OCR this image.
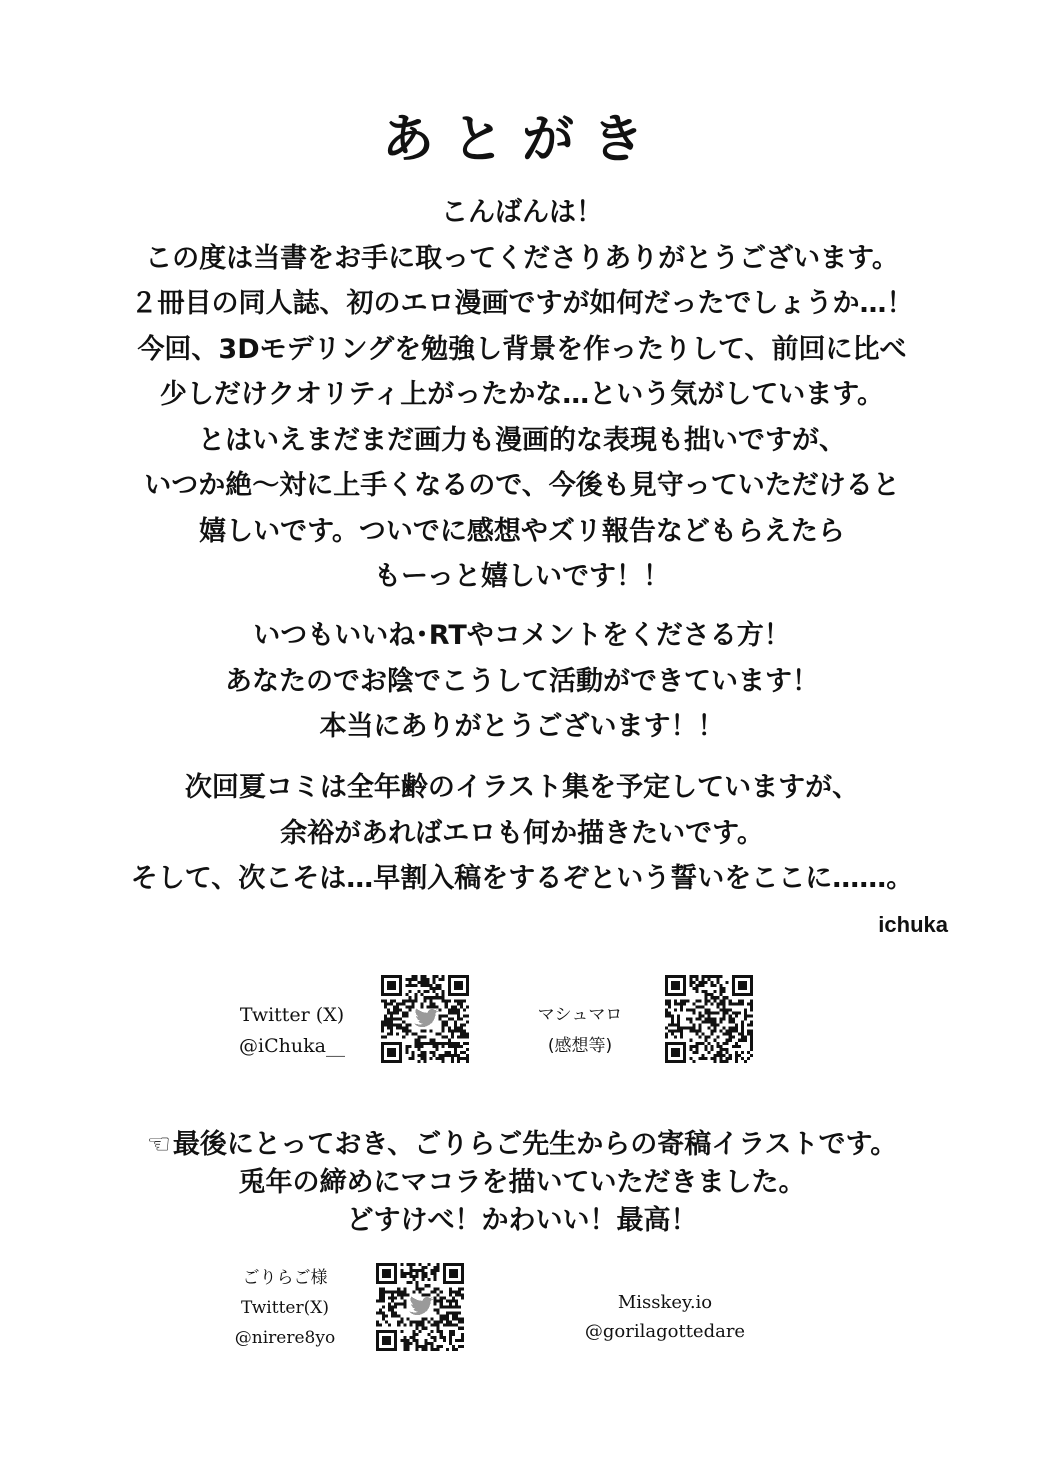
あとがき
こんばんは！
この度は当書をお手に取ってくださりありがとうございます。
２冊目の同人誌、初のエロ漫画ですが如何だったでしょうか…！
今回、3Dモデリングを勉強し背景を作ったりして、前回に比べ
少しだけクオリティ上がったかな…という気がしています。
とはいえまだまだ画力も漫画的な表現も拙いですが、
いつか絶～対に上手くなるので、今後も見守っていただけると
嬉しいです。ついでに感想やズリ報告などもらえたら
もーっと嬉しいです！！
いつもいいね･RTやコメントをくださる方！
あなたのでお陰でこうして活動ができています！
本当にありがとうございます！！
次回夏コミは全年齢のイラスト集を予定していますが、
余裕があればエロも何か描きたいです。
そして、次こそは…早割入稿をするぞという誓いをここに……。
ichuka
Twitter (X)
@iChuka__
マシュマロ
(感想等)
☜最後にとっておき、ごりらご先生からの寄稿イラストです。
兎年の締めにマコラを描いていただきました。
どすけべ！かわいい！最高！
ごりらご様
Twitter(X)
@nirere8yo
Misskey.io
@gorilagottedare
